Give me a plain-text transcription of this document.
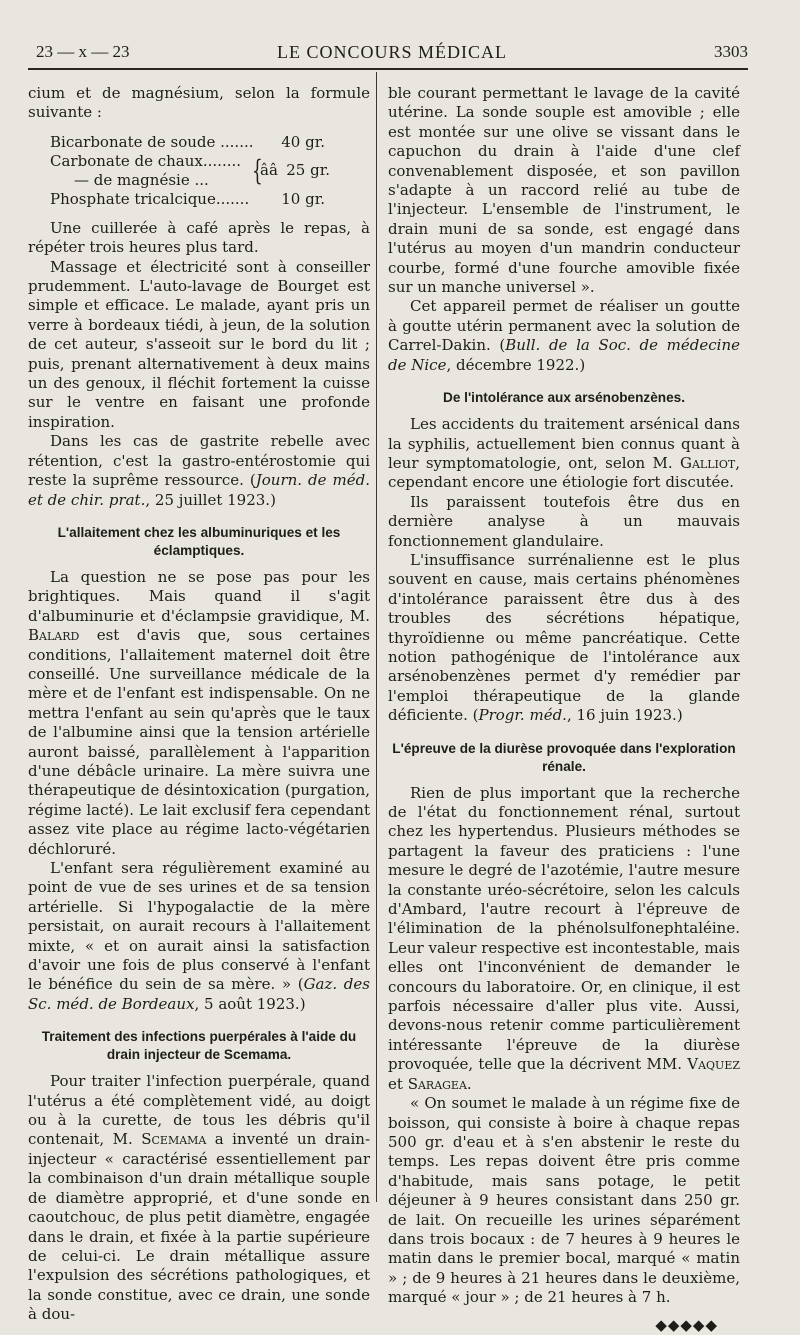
23 — x — 23	LE CONCOURS MÉDICAL	3303

cium et de magnésium, selon la formule suivante :

Bicarbonate de soude .......	40 gr.
Carbonate de chaux........
— de magnésie ... {
ââ 25 gr.
Phosphate tricalcique.......	10 gr.

Une cuillerée à café après le repas, à répéter trois heures plus tard.

Massage et électricité sont à conseiller prudemment. L'auto-lavage de Bourget est simple et efficace. Le malade, ayant pris un verre à bordeaux tiédi, à jeun, de la solution de cet auteur, s'asseoit sur le bord du lit ; puis, prenant alternativement à deux mains un des genoux, il fléchit fortement la cuisse sur le ventre en faisant une profonde inspiration.

Dans les cas de gastrite rebelle avec rétention, c'est la gastro-entérostomie qui reste la suprême ressource. (Journ. de méd. et de chir. prat., 25 juillet 1923.)

L'allaitement chez les albuminuriques et les éclamptiques.

La question ne se pose pas pour les brightiques. Mais quand il s'agit d'albuminurie et d'éclampsie gravidique, M. Balard est d'avis que, sous certaines conditions, l'allaitement maternel doit être conseillé. Une surveillance médicale de la mère et de l'enfant est indispensable. On ne mettra l'enfant au sein qu'après que le taux de l'albumine ainsi que la tension artérielle auront baissé, parallèlement à l'apparition d'une débâcle urinaire. La mère suivra une thérapeutique de désintoxication (purgation, régime lacté). Le lait exclusif fera cependant assez vite place au régime lacto-végétarien déchloruré.

L'enfant sera régulièrement examiné au point de vue de ses urines et de sa tension artérielle. Si l'hypogalactie de la mère persistait, on aurait recours à l'allaitement mixte, « et on aurait ainsi la satisfaction d'avoir une fois de plus conservé à l'enfant le bénéfice du sein de sa mère. » (Gaz. des Sc. méd. de Bordeaux, 5 août 1923.)

Traitement des infections puerpérales à l'aide du drain injecteur de Scemama.

Pour traiter l'infection puerpérale, quand l'utérus a été complètement vidé, au doigt ou à la curette, de tous les débris qu'il contenait, M. Scemama a inventé un drain-injecteur « caractérisé essentiellement par la combinaison d'un drain métallique souple de diamètre approprié, et d'une sonde en caoutchouc, de plus petit diamètre, engagée dans le drain, et fixée à la partie supérieure de celui-ci. Le drain métallique assure l'expulsion des sécrétions pathologiques, et la sonde constitue, avec ce drain, une sonde à dou-

ble courant permettant le lavage de la cavité utérine. La sonde souple est amovible ; elle est montée sur une olive se vissant dans le capuchon du drain à l'aide d'une clef convenablement disposée, et son pavillon s'adapte à un raccord relié au tube de l'injecteur. L'ensemble de l'instrument, le drain muni de sa sonde, est engagé dans l'utérus au moyen d'un mandrin conducteur courbe, formé d'une fourche amovible fixée sur un manche universel ».

Cet appareil permet de réaliser un goutte à goutte utérin permanent avec la solution de Carrel-Dakin. (Bull. de la Soc. de médecine de Nice, décembre 1922.)

De l'intolérance aux arsénobenzènes.

Les accidents du traitement arsénical dans la syphilis, actuellement bien connus quant à leur symptomatologie, ont, selon M. Galliot, cependant encore une étiologie fort discutée.

Ils paraissent toutefois être dus en dernière analyse à un mauvais fonctionnement glandulaire.

L'insuffisance surrénalienne est le plus souvent en cause, mais certains phénomènes d'intolérance paraissent être dus à des troubles des sécrétions hépatique, thyroïdienne ou même pancréatique. Cette notion pathogénique de l'intolérance aux arsénobenzènes permet d'y remédier par l'emploi thérapeutique de la glande déficiente. (Progr. méd., 16 juin 1923.)

L'épreuve de la diurèse provoquée dans l'exploration rénale.

Rien de plus important que la recherche de l'état du fonctionnement rénal, surtout chez les hypertendus. Plusieurs méthodes se partagent la faveur des praticiens : l'une mesure le degré de l'azotémie, l'autre mesure la constante uréo-sécrétoire, selon les calculs d'Ambard, l'autre recourt à l'épreuve de l'élimination de la phénolsulfonephtaléine. Leur valeur respective est incontestable, mais elles ont l'inconvénient de demander le concours du laboratoire. Or, en clinique, il est parfois nécessaire d'aller plus vite. Aussi, devons-nous retenir comme particulièrement intéressante l'épreuve de la diurèse provoquée, telle que la décrivent MM. Vaquez et Saragea.

« On soumet le malade à un régime fixe de boisson, qui consiste à boire à chaque repas 500 gr. d'eau et à s'en abstenir le reste du temps. Les repas doivent être pris comme d'habitude, mais sans potage, le petit déjeuner à 9 heures consistant dans 250 gr. de lait. On recueille les urines séparément dans trois bocaux : de 7 heures à 9 heures le matin dans le premier bocal, marqué « matin » ; de 9 heures à 21 heures dans le deuxième, marqué « jour » ; de 21 heures à 7 h.

◆◆◆◆◆
